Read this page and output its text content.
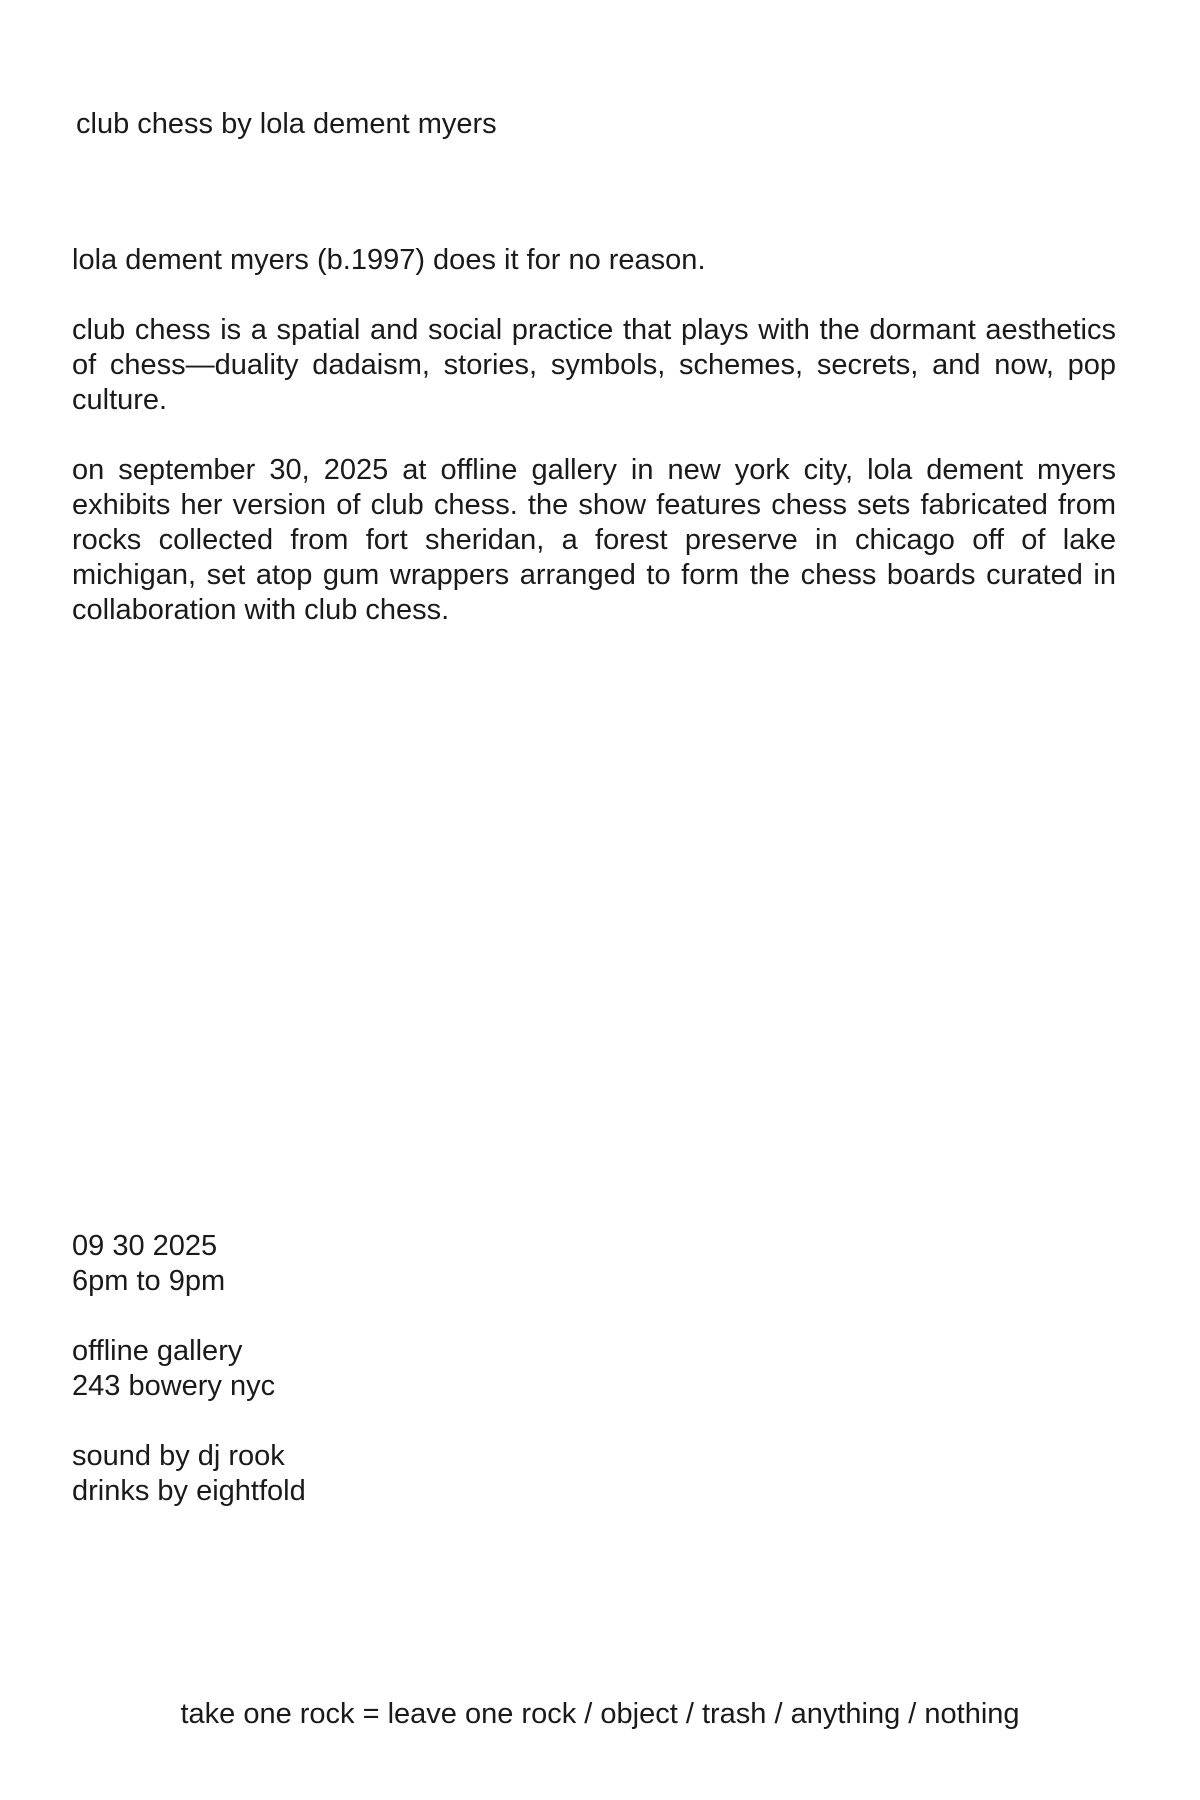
club chess by lola dement myers

lola dement myers (b.1997) does it for no reason.

club chess is a spatial and social practice that plays with the dormant aesthetics of chess—duality dadaism, stories, symbols, schemes, secrets, and now, pop culture.

on september 30, 2025 at offline gallery in new york city, lola dement myers exhibits her version of club chess. the show features chess sets fabricated from rocks collected from fort sheridan, a forest preserve in chicago off of lake michigan, set atop gum wrappers arranged to form the chess boards curated in collaboration with club chess.

09 30 2025
6pm to 9pm
offline gallery
243 bowery nyc
sound by dj rook
drinks by eightfold
take one rock = leave one rock / object / trash / anything / nothing
